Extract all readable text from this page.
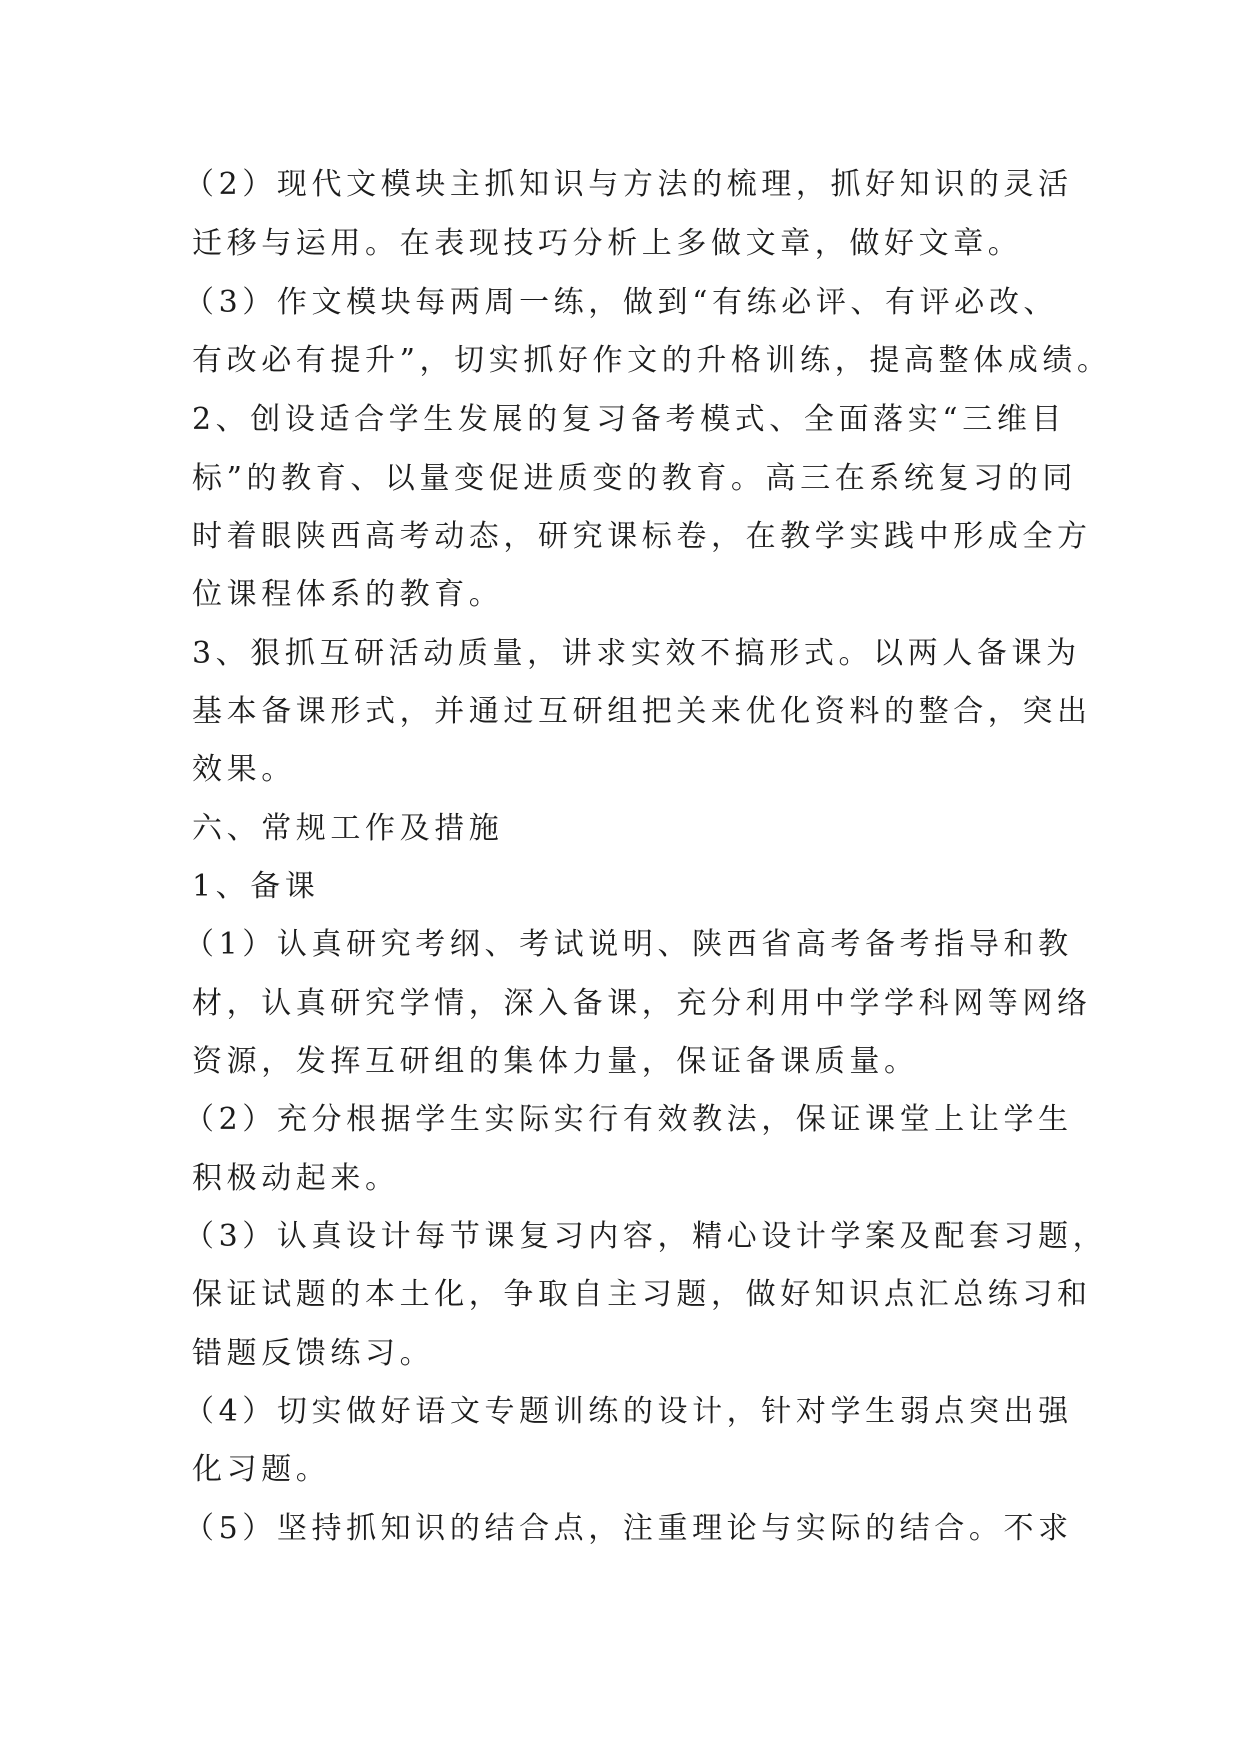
（2）现代文模块主抓知识与方法的梳理，抓好知识的灵活
迁移与运用。在表现技巧分析上多做文章，做好文章。
（3）作文模块每两周一练，做到“有练必评、有评必改、
有改必有提升”，切实抓好作文的升格训练，提高整体成绩。
2、创设适合学生发展的复习备考模式、全面落实“三维目
标”的教育、以量变促进质变的教育。高三在系统复习的同
时着眼陕西高考动态，研究课标卷，在教学实践中形成全方
位课程体系的教育。
3、狠抓互研活动质量，讲求实效不搞形式。以两人备课为
基本备课形式，并通过互研组把关来优化资料的整合，突出
效果。
六、常规工作及措施
1、备课
（1）认真研究考纲、考试说明、陕西省高考备考指导和教
材，认真研究学情，深入备课，充分利用中学学科网等网络
资源，发挥互研组的集体力量，保证备课质量。
（2）充分根据学生实际实行有效教法，保证课堂上让学生
积极动起来。
（3）认真设计每节课复习内容，精心设计学案及配套习题，
保证试题的本土化，争取自主习题，做好知识点汇总练习和
错题反馈练习。
（4）切实做好语文专题训练的设计，针对学生弱点突出强
化习题。
（5）坚持抓知识的结合点，注重理论与实际的结合。不求
